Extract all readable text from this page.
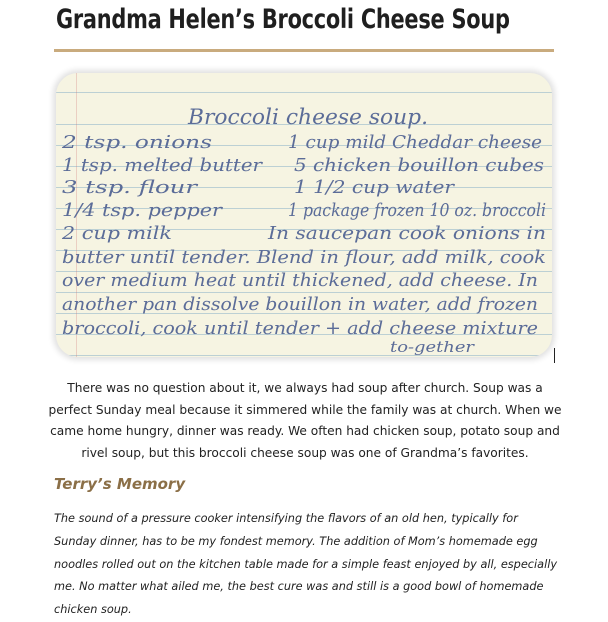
Grandma Helen’s Broccoli Cheese Soup
Broccoli cheese soup.
2 tsp. onions
1 tsp. melted butter
3 tsp. flour
1/4 tsp. pepper
2 cup milk
1 cup mild Cheddar cheese
5 chicken bouillon cubes
1 1/2 cup water
1 package frozen 10 oz. broccoli
In saucepan cook onions in
butter until tender. Blend in flour, add milk, cook
over medium heat until thickened, add cheese. In
another pan dissolve bouillon in water, add frozen
broccoli, cook until tender + add cheese mixture
to-gether

There was no question about it, we always had soup after church. Soup was a perfect Sunday meal because it simmered while the family was at church. When we came home hungry, dinner was ready. We often had chicken soup, potato soup and rivel soup, but this broccoli cheese soup was one of Grandma’s favorites.

Terry’s Memory

The sound of a pressure cooker intensifying the flavors of an old hen, typically for Sunday dinner, has to be my fondest memory. The addition of Mom’s homemade egg noodles rolled out on the kitchen table made for a simple feast enjoyed by all, especially me. No matter what ailed me, the best cure was and still is a good bowl of homemade chicken soup.
